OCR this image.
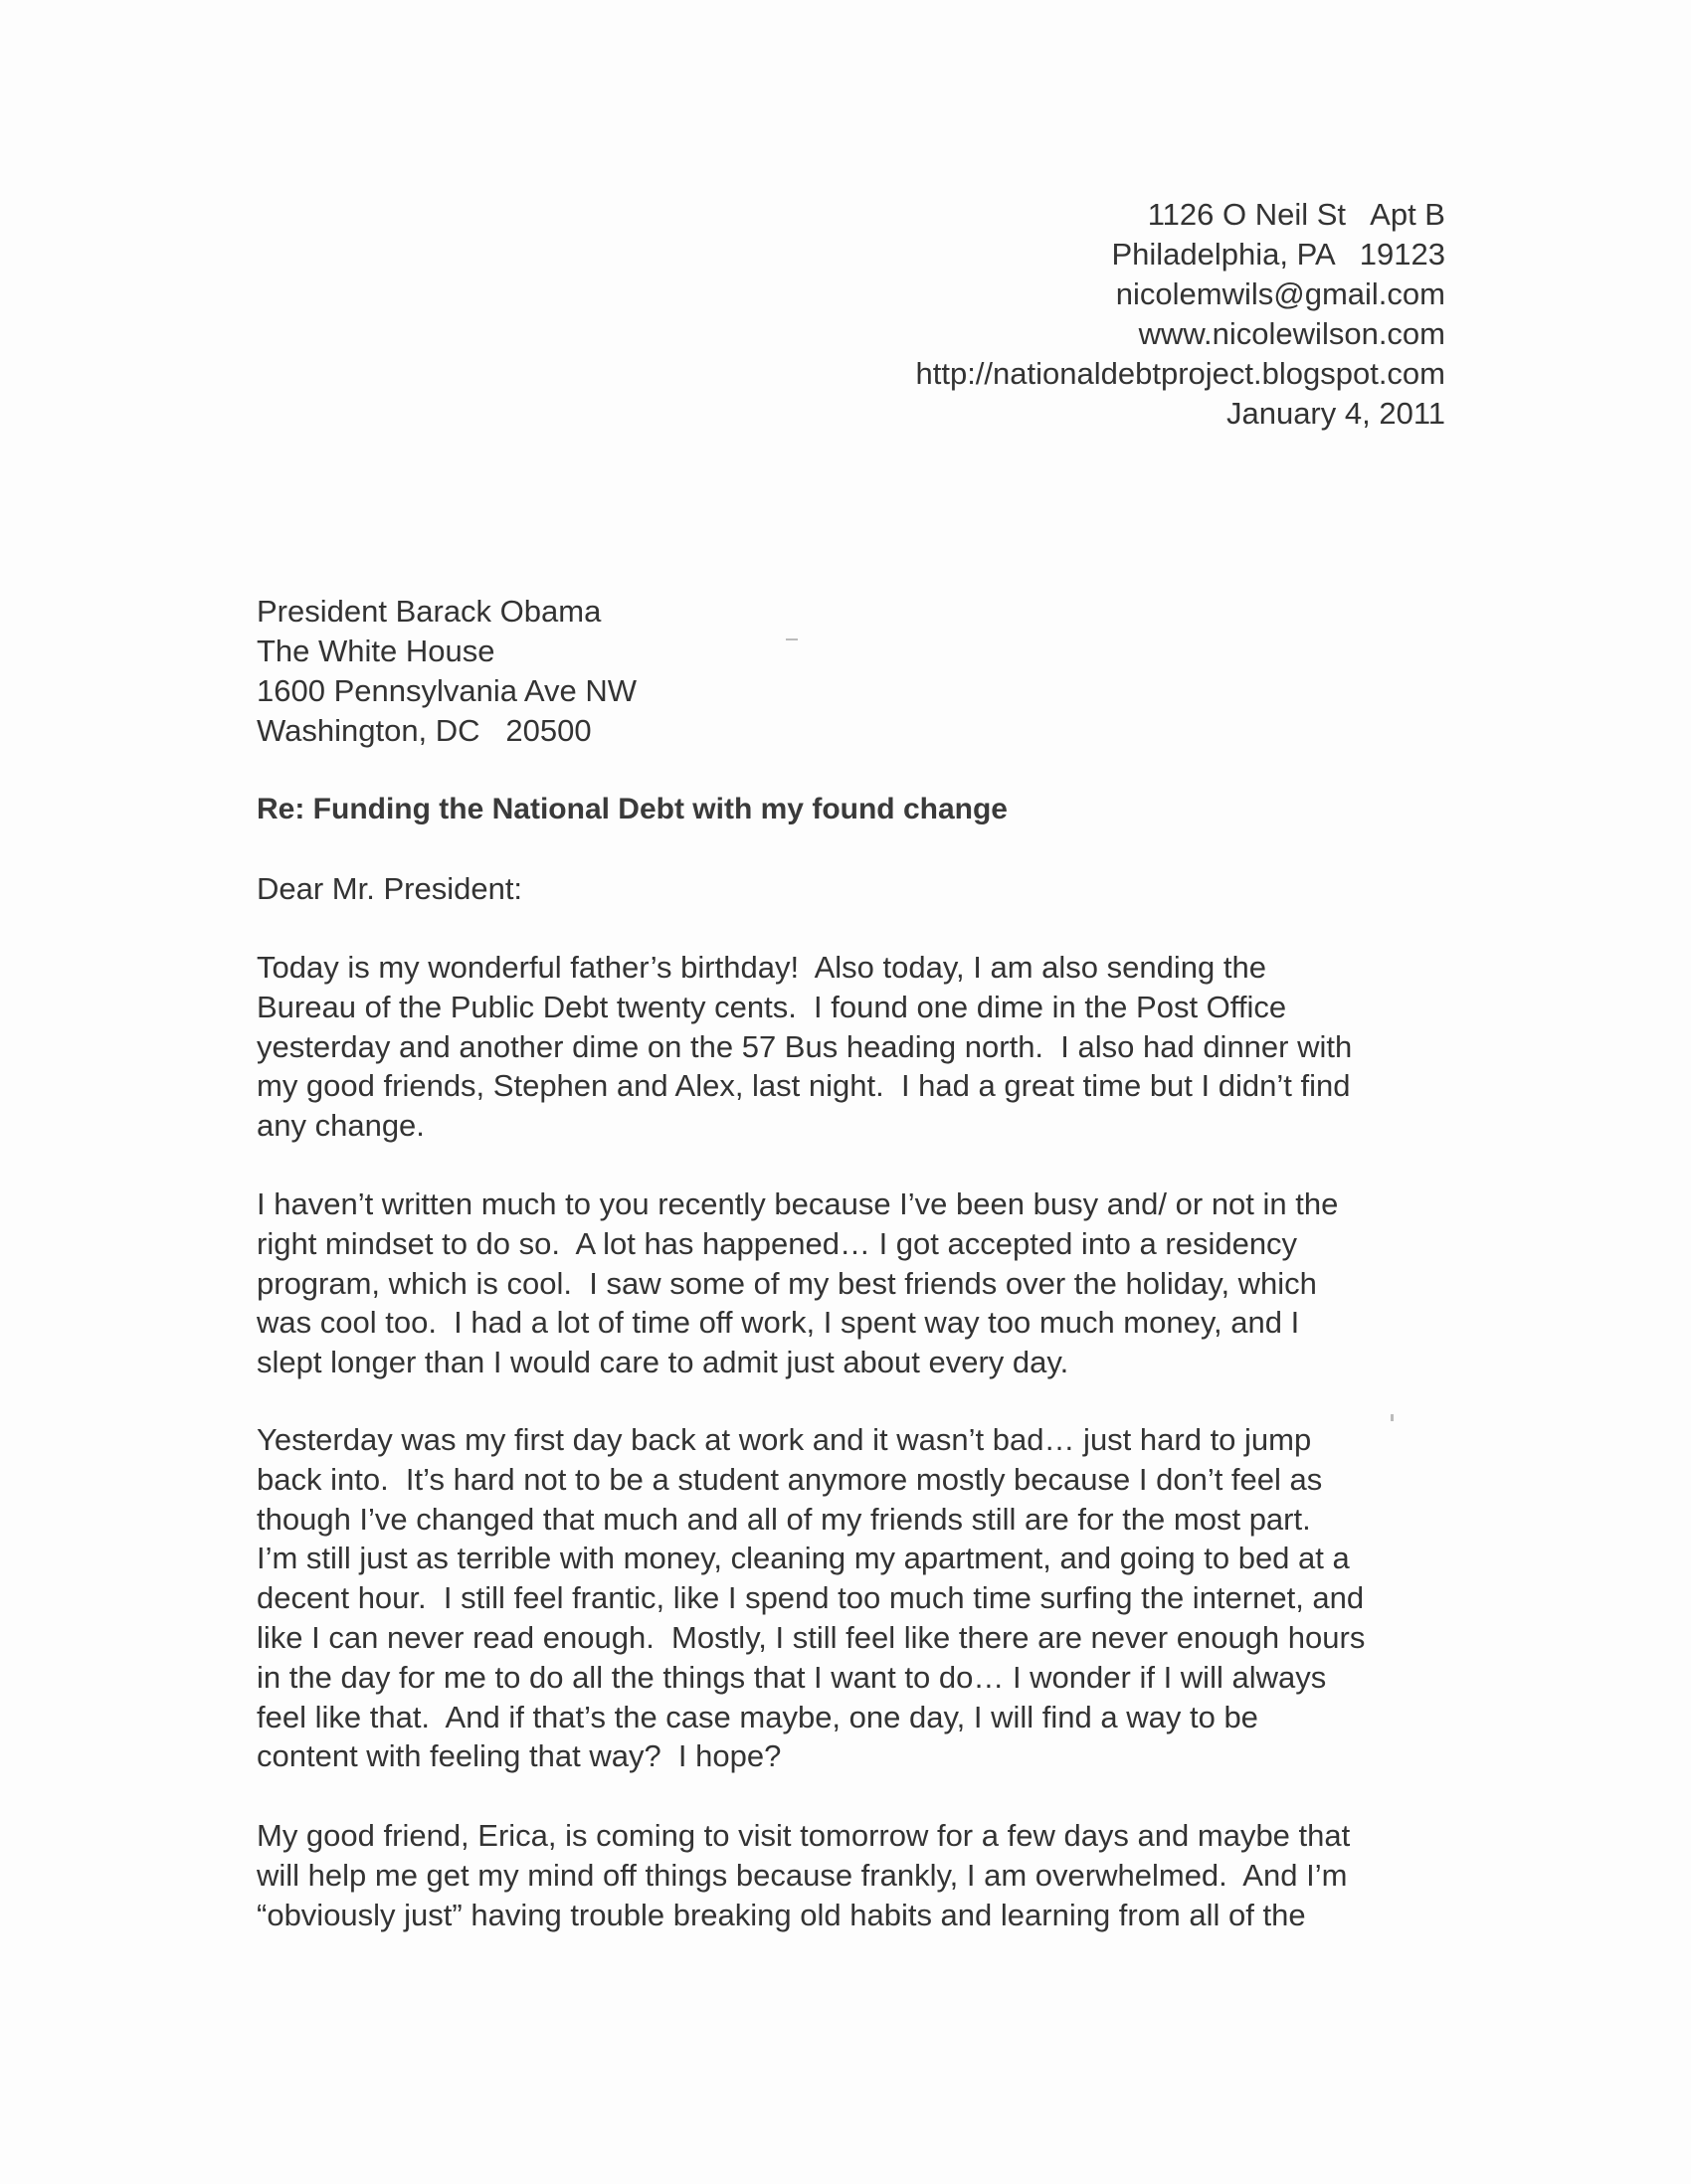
1126 O Neil St   Apt B
Philadelphia, PA   19123
nicolemwils@gmail.com
www.nicolewilson.com
http://nationaldebtproject.blogspot.com
January 4, 2011
President Barack Obama
The White House
1600 Pennsylvania Ave NW
Washington, DC   20500
Re: Funding the National Debt with my found change
Dear Mr. President:
Today is my wonderful father’s birthday!  Also today, I am also sending the
Bureau of the Public Debt twenty cents.  I found one dime in the Post Office
yesterday and another dime on the 57 Bus heading north.  I also had dinner with
my good friends, Stephen and Alex, last night.  I had a great time but I didn’t find
any change.
I haven’t written much to you recently because I’ve been busy and/ or not in the
right mindset to do so.  A lot has happened… I got accepted into a residency
program, which is cool.  I saw some of my best friends over the holiday, which
was cool too.  I had a lot of time off work, I spent way too much money, and I
slept longer than I would care to admit just about every day.
Yesterday was my first day back at work and it wasn’t bad… just hard to jump
back into.  It’s hard not to be a student anymore mostly because I don’t feel as
though I’ve changed that much and all of my friends still are for the most part.
I’m still just as terrible with money, cleaning my apartment, and going to bed at a
decent hour.  I still feel frantic, like I spend too much time surfing the internet, and
like I can never read enough.  Mostly, I still feel like there are never enough hours
in the day for me to do all the things that I want to do… I wonder if I will always
feel like that.  And if that’s the case maybe, one day, I will find a way to be
content with feeling that way?  I hope?
My good friend, Erica, is coming to visit tomorrow for a few days and maybe that
will help me get my mind off things because frankly, I am overwhelmed.  And I’m
“obviously just” having trouble breaking old habits and learning from all of the
